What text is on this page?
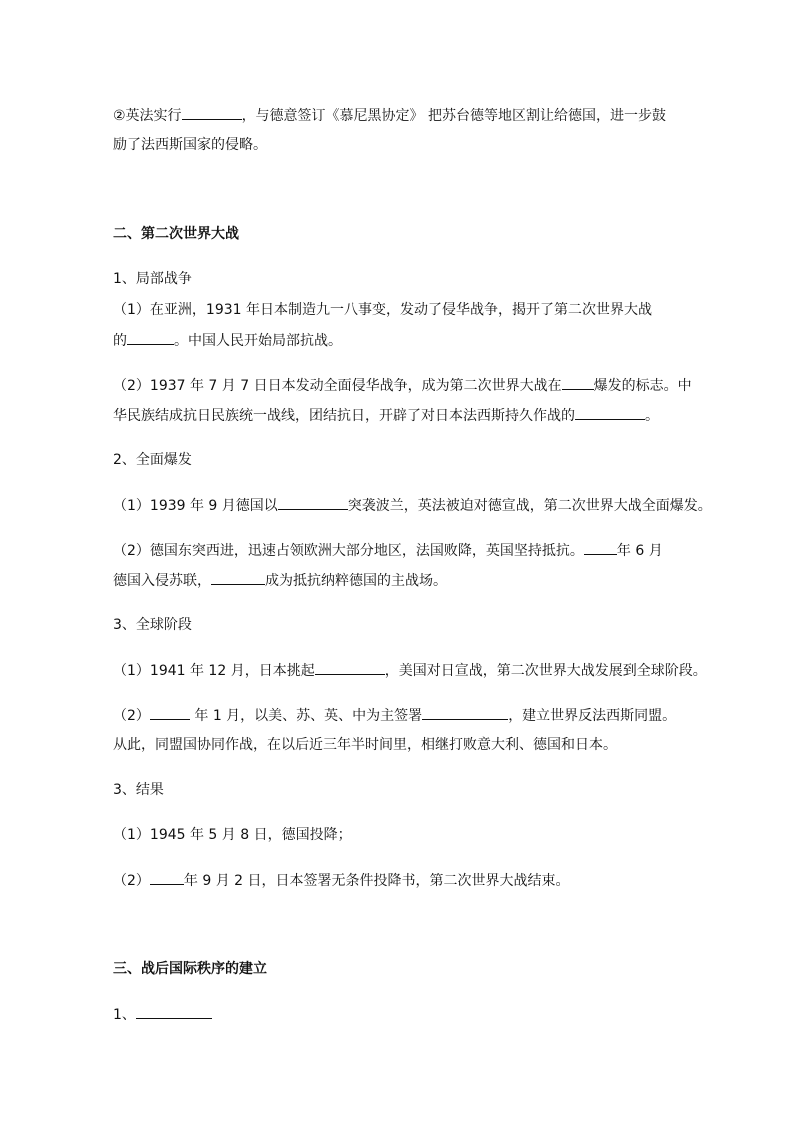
②英法实行	，与德意签订《慕尼黑协定》 把苏台德等地区割让给德国，进一步鼓
励了法西斯国家的侵略。
二、第二次世界大战
1、局部战争
（1）在亚洲，1931 年日本制造九一八事变，发动了侵华战争，揭开了第二次世界大战
的	。中国人民开始局部抗战。
（2）1937 年 7 月 7 日日本发动全面侵华战争，成为第二次世界大战在 爆发的标志。中
华民族结成抗日民族统一战线，团结抗日，开辟了对日本法西斯持久作战的	。
2、全面爆发
（1）1939 年 9 月德国以	突袭波兰，英法被迫对德宣战，第二次世界大战全面爆发。
（2）德国东突西进，迅速占领欧洲大部分地区，法国败降，英国坚持抵抗。 年 6 月
德国入侵苏联，	成为抵抗纳粹德国的主战场。
3、全球阶段
（1）1941 年 12 月，日本挑起	，美国对日宣战，第二次世界大战发展到全球阶段。
（2）	年 1 月，以美、苏、英、中为主签署	，建立世界反法西斯同盟。
从此，同盟国协同作战，在以后近三年半时间里，相继打败意大利、德国和日本。
3、结果
（1）1945 年 5 月 8 日，德国投降；
（2） 年 9 月 2 日，日本签署无条件投降书，第二次世界大战结束。
三、战后国际秩序的建立
1、
